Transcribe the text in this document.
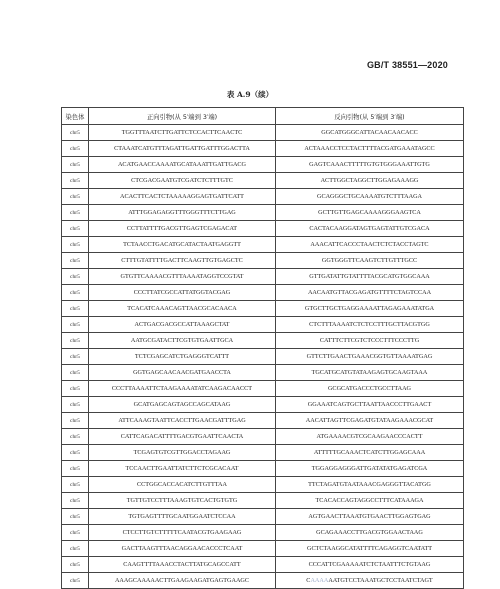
GB/T 38551—2020
表 A.9（续）
染色体	正向引物(从 5′端到 3′端)	反向引物(从 5′端到 3′端)
chr5	TGGTTTAATCTTGATTCTCCACTTCAACTC	GGCATGGGCATTACAACAACACC
chr5	CTAAATCATGTTTAGATTGATTGATTTGGACTTA	ACTAAACCTCCTACTTTTACGATGAAATAGCC
chr5	ACATGAACCAAAATGCATAAATTGATTGACG	GAGTCAAACTTTTTGTGTGGGAAATTGTG
chr5	CTCGACGAATGTCGATCTCTTTGTC	ACTTGGCTAGGCTTGGAGAAAGG
chr5	ACACTTCACTCTAAAAAGGAGTGATTCATT	GCAGGGCTGCAAAATGTCTTTAAGA
chr5	ATTTGGAGAGGTTTGGGTTTCTTGAG	GCTTGTTGAGCAAAAGGGAAGTCA
chr5	CCTTATTTTGACGTTGAGTCGAGACAT	CACTACAAGGATAGTGAGTATTGTCGACA
chr5	TCTAACCTGACATGCATACTAATGAGGTT	AAACATTCACCCTAACTCTCTACCTAGTC
chr5	CTTTGTATTTTGACTTCAAGTTGTGAGCTC	GGTGGGTTCAAGTCTTGTTTGCC
chr5	GTGTTCAAAACGTTTAAAATAGGTCCGTAT	GTTGATATTGTATTTTACGCATGTGGCAAA
chr5	CCCTTATCGCCATTATGGTACGAG	AACAATGTTACGAGATGTTTTCTAGTCCAA
chr5	TCACATCAAACAGTTAACGCACAACA	GTGCTTGCTGAGGAAAATTAGAGAAATATGA
chr5	ACTGACGACGCCATTAAAGCTAT	CTCTTTAAAATCTCTCCTTTGCTTACGTGG
chr5	AATGCGATACTTCGTGTGAATTGCA	CATTTCTTCGTCTCCCTTTCCCTTG
chr5	TCTCGAGCATCTGAGGGTCATTT	GTTCTTGAACTGAAACGGTGTTAAAATGAG
chr5	GGTGAGCAACAACGATGAACCTA	TGCATGCATGTATAAGAGTGCAAGTAAA
chr5	CCCTTAAAATTCTAAGAAAATATCAAGACAACCT	GCGCATGACCCTGCCTTAAG
chr5	GCATGAGCAGTAGCCAGCATAAG	GGAAATCAGTGCTTAATTAACCCTTGAACT
chr5	ATTCAAAGTAATTCACCTTGAACGATTTGAG	AACATTAGTTCGAGATGTATAAGAAACGCAT
chr5	CATTCAGACATTTTGACGTGAATTCAACTA	ATGAAAACGTCGCAAGAACCCACTT
chr5	TCGAGTGTCGTTGGACCTAGAAG	ATTTTTGCAAACTCATCTTGGAGCAAA
chr5	TCCAACTTGAATTATCTTCTCGCACAAT	TGGAGGAGGGATTGATATATGAGATCGA
chr5	CCTGGCACCACATCTTGTTTAA	TTCTAGATGTAATAAACGAGGGTTACATGG
chr5	TGTTGTCCTTTAAAGTGTCACTGTGTG	TCACACCAGTAGGCCTTTCATAAAGA
chr5	TGTGAGTTTTGCAATGGAATCTCCAA	AGTGAACTTAAATGTGAACTTGGAGTGAG
chr5	CTCCTTGTCTTTTTCAATACGTGAAGAAG	GCAGAAACCTTGACGTGGAACTAAG
chr5	GACTTAAGTTTAACAGGAACACCCTCAAT	GCTCTAAGGCATATTTTCAGAGGTCAATATT
chr5	CAAGTTTTAAACCTACTTATGCAGCCATT	CCCATTCGAAAAATCTCTAATTTCTGTAAG
chr5	AAAGCAAAAACTTGAAGAAGATGAGTGAAGC	CAAAAAATGTCCTAAATGCTCCTAATCTAGT
